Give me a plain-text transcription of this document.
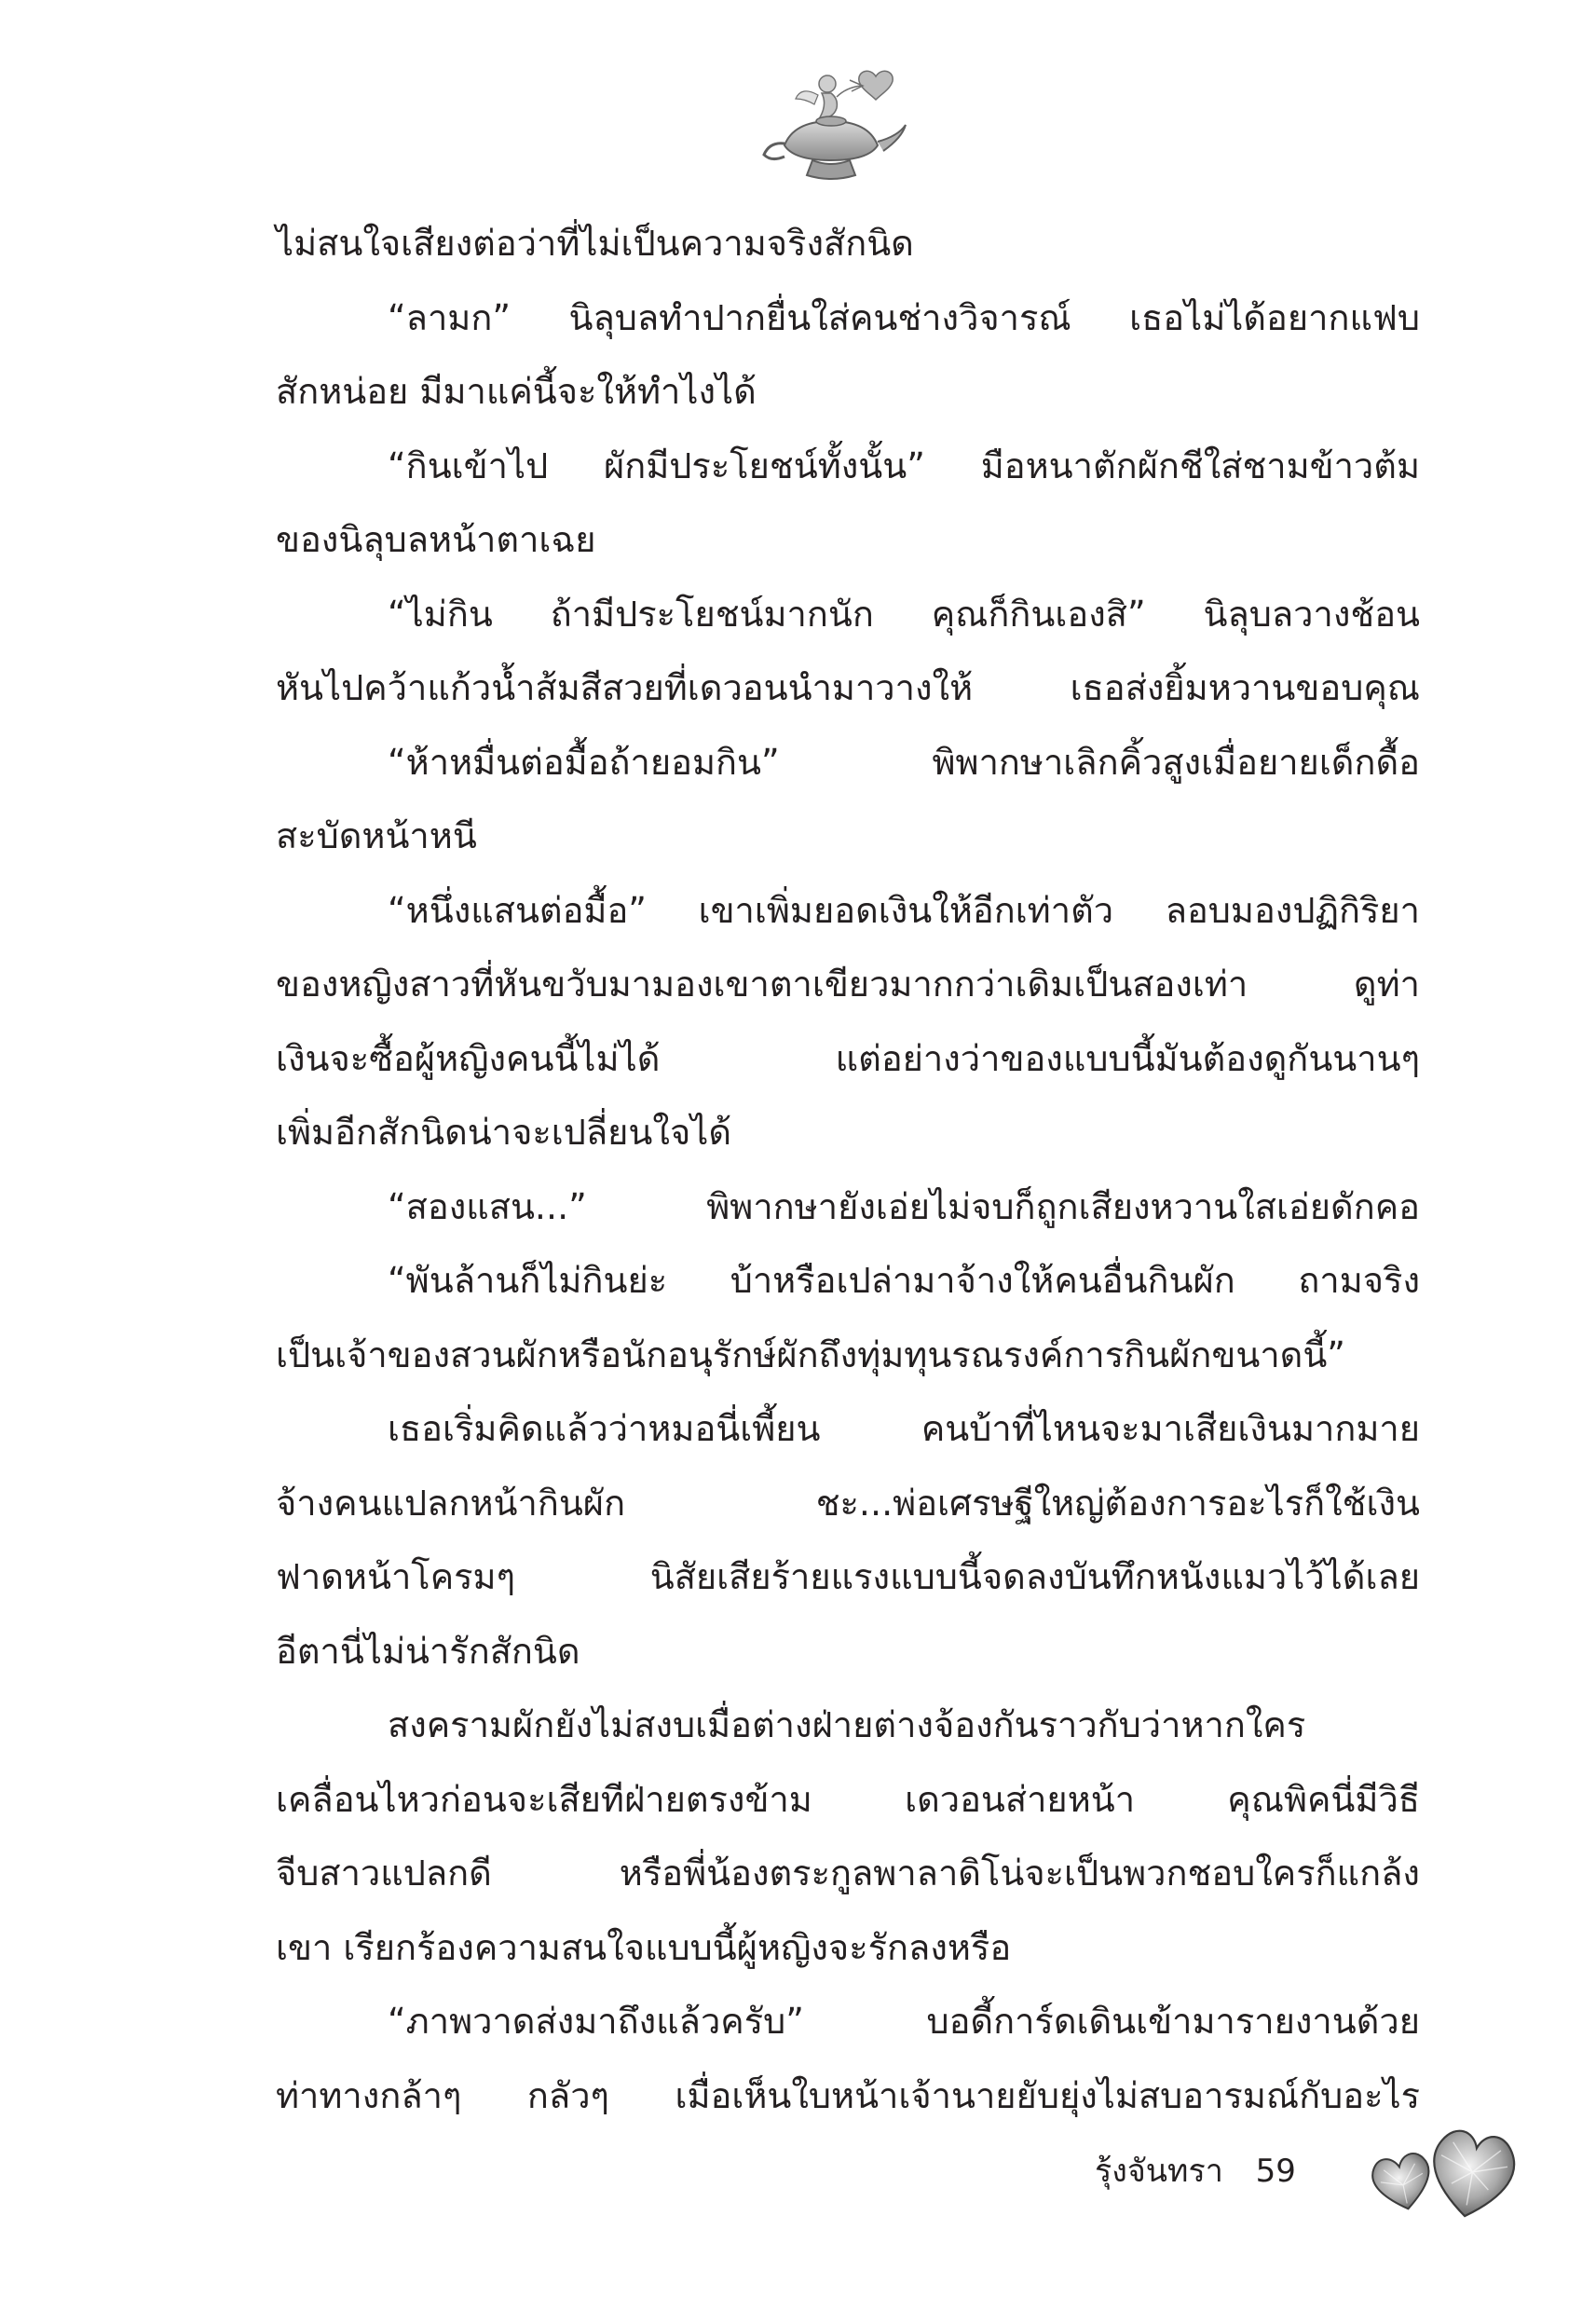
ไม่สนใจเสียงต่อว่าที่ไม่เป็นความจริงสักนิด

“ลามก” นิลุบลทำปากยื่นใส่คนช่างวิจารณ์ เธอไม่ได้อยากแฟบ

สักหน่อย มีมาแค่นี้จะให้ทำไงได้

“กินเข้าไป ผักมีประโยชน์ทั้งนั้น” มือหนาตักผักชีใส่ชามข้าวต้ม

ของนิลุบลหน้าตาเฉย

“ไม่กิน ถ้ามีประโยชน์มากนัก คุณก็กินเองสิ” นิลุบลวางช้อน

หันไปคว้าแก้วน้ำส้มสีสวยที่เดวอนนำมาวางให้ เธอส่งยิ้มหวานขอบคุณ

“ห้าหมื่นต่อมื้อถ้ายอมกิน” พิพากษาเลิกคิ้วสูงเมื่อยายเด็กดื้อ

สะบัดหน้าหนี

“หนึ่งแสนต่อมื้อ” เขาเพิ่มยอดเงินให้อีกเท่าตัว ลอบมองปฏิกิริยา

ของหญิงสาวที่หันขวับมามองเขาตาเขียวมากกว่าเดิมเป็นสองเท่า ดูท่า

เงินจะซื้อผู้หญิงคนนี้ไม่ได้ แต่อย่างว่าของแบบนี้มันต้องดูกันนานๆ

เพิ่มอีกสักนิดน่าจะเปลี่ยนใจได้

“สองแสน...” พิพากษายังเอ่ยไม่จบก็ถูกเสียงหวานใสเอ่ยดักคอ

“พันล้านก็ไม่กินย่ะ บ้าหรือเปล่ามาจ้างให้คนอื่นกินผัก ถามจริง

เป็นเจ้าของสวนผักหรือนักอนุรักษ์ผักถึงทุ่มทุนรณรงค์การกินผักขนาดนี้”

เธอเริ่มคิดแล้วว่าหมอนี่เพี้ยน คนบ้าที่ไหนจะมาเสียเงินมากมาย

จ้างคนแปลกหน้ากินผัก ชะ...พ่อเศรษฐีใหญ่ต้องการอะไรก็ใช้เงิน

ฟาดหน้าโครมๆ นิสัยเสียร้ายแรงแบบนี้จดลงบันทึกหนังแมวไว้ได้เลย

อีตานี่ไม่น่ารักสักนิด

สงครามผักยังไม่สงบเมื่อต่างฝ่ายต่างจ้องกันราวกับว่าหากใคร

เคลื่อนไหวก่อนจะเสียทีฝ่ายตรงข้าม เดวอนส่ายหน้า คุณพิคนี่มีวิธี

จีบสาวแปลกดี หรือพี่น้องตระกูลพาลาดิโน่จะเป็นพวกชอบใครก็แกล้ง

เขา เรียกร้องความสนใจแบบนี้ผู้หญิงจะรักลงหรือ

“ภาพวาดส่งมาถึงแล้วครับ” บอดี้การ์ดเดินเข้ามารายงานด้วย

ท่าทางกล้าๆ กลัวๆ เมื่อเห็นใบหน้าเจ้านายยับยุ่งไม่สบอารมณ์กับอะไร

รุ้งจันทรา 59
